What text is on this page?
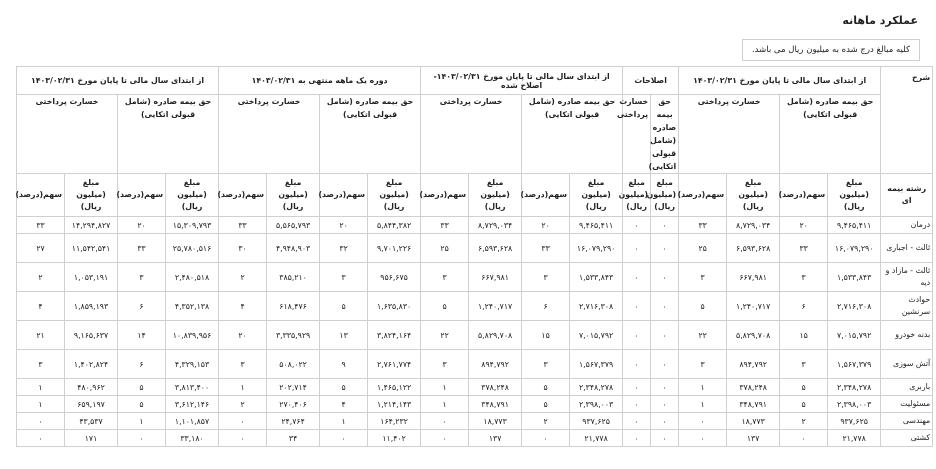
عملکرد ماهانه
کلیه مبالغ درج شده به میلیون ریال می باشد.
شرح	از ابتدای سال مالی تا پایان مورخ ۱۴۰۳/۰۲/۳۱				اصلاحات		از ابتدای سال مالی تا پایان مورخ ۱۴۰۳/۰۲/۳۱- اصلاح شده				دوره یک ماهه منتهی به ۱۴۰۳/۰۲/۳۱				از ابتدای سال مالی تا پایان مورخ ۱۴۰۳/۰۲/۳۱			
	حق بیمه صادره (شامل قبولی اتکایی)		خسارت پرداختی		حق بیمه صادره (شامل قبولی اتکایی)	خسارت پرداختی	حق بیمه صادره (شامل قبولی اتکایی)		خسارت پرداختی		حق بیمه صادره (شامل قبولی اتکایی)		خسارت پرداختی		حق بیمه صادره (شامل قبولی اتکایی)		خسارت پرداختی	
رشته بیمه ای	مبلغ (میلیون ریال)	سهم(درصد)	مبلغ (میلیون ریال)	سهم(درصد)	مبلغ (میلیون ریال)	مبلغ (میلیون ریال)	مبلغ (میلیون ریال)	سهم(درصد)	مبلغ (میلیون ریال)	سهم(درصد)	مبلغ (میلیون ریال)	سهم(درصد)	مبلغ (میلیون ریال)	سهم(درصد)	مبلغ (میلیون ریال)	سهم(درصد)	مبلغ (میلیون ریال)	سهم(درصد)
درمان	۹,۴۶۵,۴۱۱	۲۰	۸,۷۲۹,۰۳۴	۳۳	۰	۰	۹,۴۶۵,۴۱۱	۲۰	۸,۷۲۹,۰۳۴	۳۳	۵,۸۴۴,۳۸۲	۲۰	۵,۵۶۵,۷۹۳	۳۳	۱۵,۳۰۹,۷۹۳	۲۰	۱۴,۲۹۴,۸۲۷	۳۳
ثالث - اجباری	۱۶,۰۷۹,۲۹۰	۳۳	۶,۵۹۳,۶۲۸	۲۵	۰	۰	۱۶,۰۷۹,۲۹۰	۳۳	۶,۵۹۳,۶۲۸	۲۵	۹,۷۰۱,۲۲۶	۳۲	۴,۹۴۸,۹۰۳	۳۰	۲۵,۷۸۰,۵۱۶	۳۳	۱۱,۵۴۲,۵۴۱	۲۷
ثالث - مازاد و دیه	۱,۵۳۳,۸۴۳	۳	۶۶۷,۹۸۱	۳	۰	۰	۱,۵۳۳,۸۴۳	۳	۶۶۷,۹۸۱	۳	۹۵۶,۶۷۵	۳	۳۸۵,۲۱۰	۲	۲,۴۸۰,۵۱۸	۳	۱,۰۵۳,۱۹۱	۲
حوادث سرنشین	۲,۷۱۶,۳۰۸	۶	۱,۲۴۰,۷۱۷	۵	۰	۰	۲,۷۱۶,۳۰۸	۶	۱,۲۴۰,۷۱۷	۵	۱,۶۳۵,۸۳۰	۵	۶۱۸,۴۷۶	۴	۴,۳۵۲,۱۳۸	۶	۱,۸۵۹,۱۹۳	۴
بدنه خودرو	۷,۰۱۵,۷۹۲	۱۵	۵,۸۲۹,۷۰۸	۲۲	۰	۰	۷,۰۱۵,۷۹۲	۱۵	۵,۸۲۹,۷۰۸	۲۲	۳,۸۲۴,۱۶۴	۱۳	۳,۳۳۵,۹۲۹	۲۰	۱۰,۸۳۹,۹۵۶	۱۴	۹,۱۶۵,۶۳۷	۲۱
آتش سوزی	۱,۵۶۷,۳۷۹	۳	۸۹۴,۷۹۲	۳	۰	۰	۱,۵۶۷,۳۷۹	۳	۸۹۴,۷۹۲	۳	۲,۷۶۱,۷۷۴	۹	۵۰۸,۰۲۲	۳	۴,۳۲۹,۱۵۳	۶	۱,۴۰۲,۸۲۴	۳
باربری	۲,۳۴۸,۲۷۸	۵	۳۷۸,۲۴۸	۱	۰	۰	۲,۳۴۸,۲۷۸	۵	۳۷۸,۲۴۸	۱	۱,۴۶۵,۱۲۲	۵	۲۰۲,۷۱۴	۱	۳,۸۱۳,۴۰۰	۵	۴۸۰,۹۶۲	۱
مسئولیت	۲,۳۹۸,۰۰۳	۵	۳۴۸,۷۹۱	۱	۰	۰	۲,۳۹۸,۰۰۳	۵	۳۴۸,۷۹۱	۱	۱,۲۱۴,۱۴۳	۴	۲۷۰,۴۰۶	۲	۳,۶۱۲,۱۴۶	۵	۶۵۹,۱۹۷	۱
مهندسی	۹۳۷,۶۲۵	۲	۱۸,۷۷۳	۰	۰	۰	۹۳۷,۶۲۵	۲	۱۸,۷۷۳	۰	۱۶۴,۲۳۲	۱	۲۴,۷۶۴	۰	۱,۱۰۱,۸۵۷	۱	۴۳,۵۳۷	۰
کشتی	۲۱,۷۷۸	۰	۱۳۷	۰	۰	۰	۲۱,۷۷۸	۰	۱۳۷	۰	۱۱,۴۰۲	۰	۳۴	۰	۳۳,۱۸۰	۰	۱۷۱	۰
